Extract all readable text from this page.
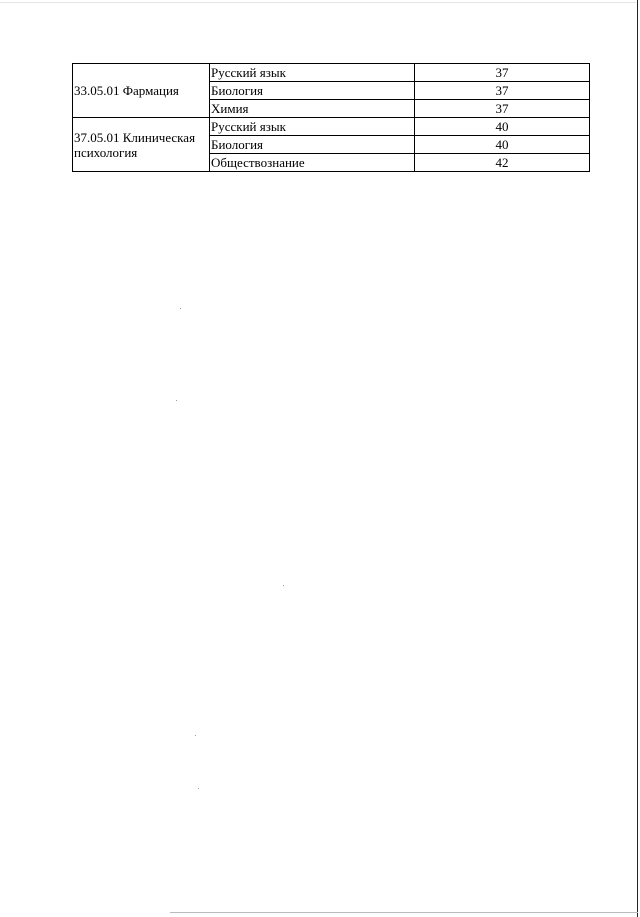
33.05.01 Фармация	Русский язык	37
	Биология	37
	Химия	37
37.05.01 Клиническая психология	Русский язык	40
	Биология	40
	Обществознание	42
